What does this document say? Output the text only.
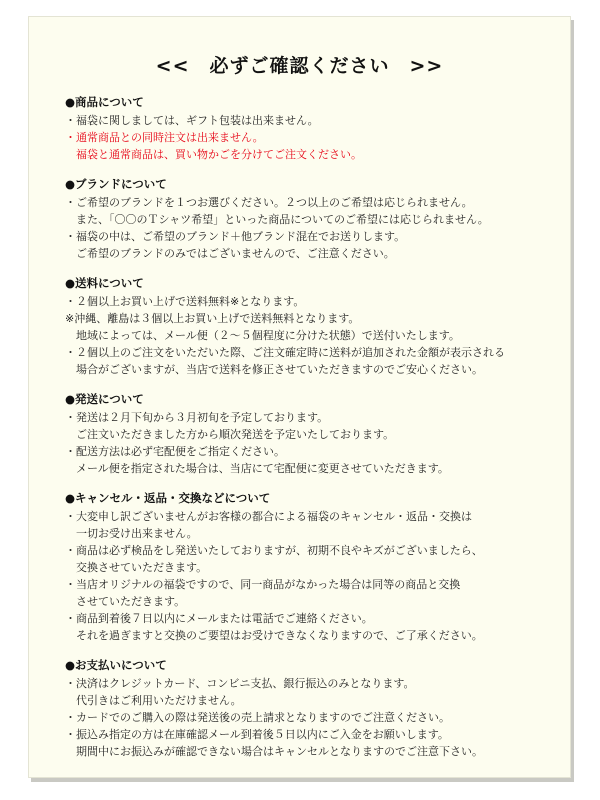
<<　必ずご確認ください　>>
●商品について
・福袋に関しましては、ギフト包装は出来ません。
・通常商品との同時注文は出来ません。
　福袋と通常商品は、買い物かごを分けてご注文ください。
●ブランドについて
・ご希望のブランドを１つお選びください。２つ以上のご希望は応じられません。
　また、「〇〇のＴシャツ希望」といった商品についてのご希望には応じられません。
・福袋の中は、ご希望のブランド＋他ブランド混在でお送りします。
　ご希望のブランドのみではございませんので、ご注意ください。
●送料について
・２個以上お買い上げで送料無料※となります。
※沖縄、離島は３個以上お買い上げで送料無料となります。
　地域によっては、メール便（２～５個程度に分けた状態）で送付いたします。
・２個以上のご注文をいただいた際、ご注文確定時に送料が追加された金額が表示される
　場合がございますが、当店で送料を修正させていただきますのでご安心ください。
●発送について
・発送は２月下旬から３月初旬を予定しております。
　ご注文いただきました方から順次発送を予定いたしております。
・配送方法は必ず宅配便をご指定ください。
　メール便を指定された場合は、当店にて宅配便に変更させていただきます。
●キャンセル・返品・交換などについて
・大変申し訳ございませんがお客様の都合による福袋のキャンセル・返品・交換は
　一切お受け出来ません。
・商品は必ず検品をし発送いたしておりますが、初期不良やキズがございましたら、
　交換させていただきます。
・当店オリジナルの福袋ですので、同一商品がなかった場合は同等の商品と交換
　させていただきます。
・商品到着後７日以内にメールまたは電話でご連絡ください。
　それを過ぎますと交換のご要望はお受けできなくなりますので、ご了承ください。
●お支払いについて
・決済はクレジットカード、コンビニ支払、銀行振込のみとなります。
　代引きはご利用いただけません。
・カードでのご購入の際は発送後の売上請求となりますのでご注意ください。
・振込み指定の方は在庫確認メール到着後５日以内にご入金をお願いします。
　期間中にお振込みが確認できない場合はキャンセルとなりますのでご注意下さい。
